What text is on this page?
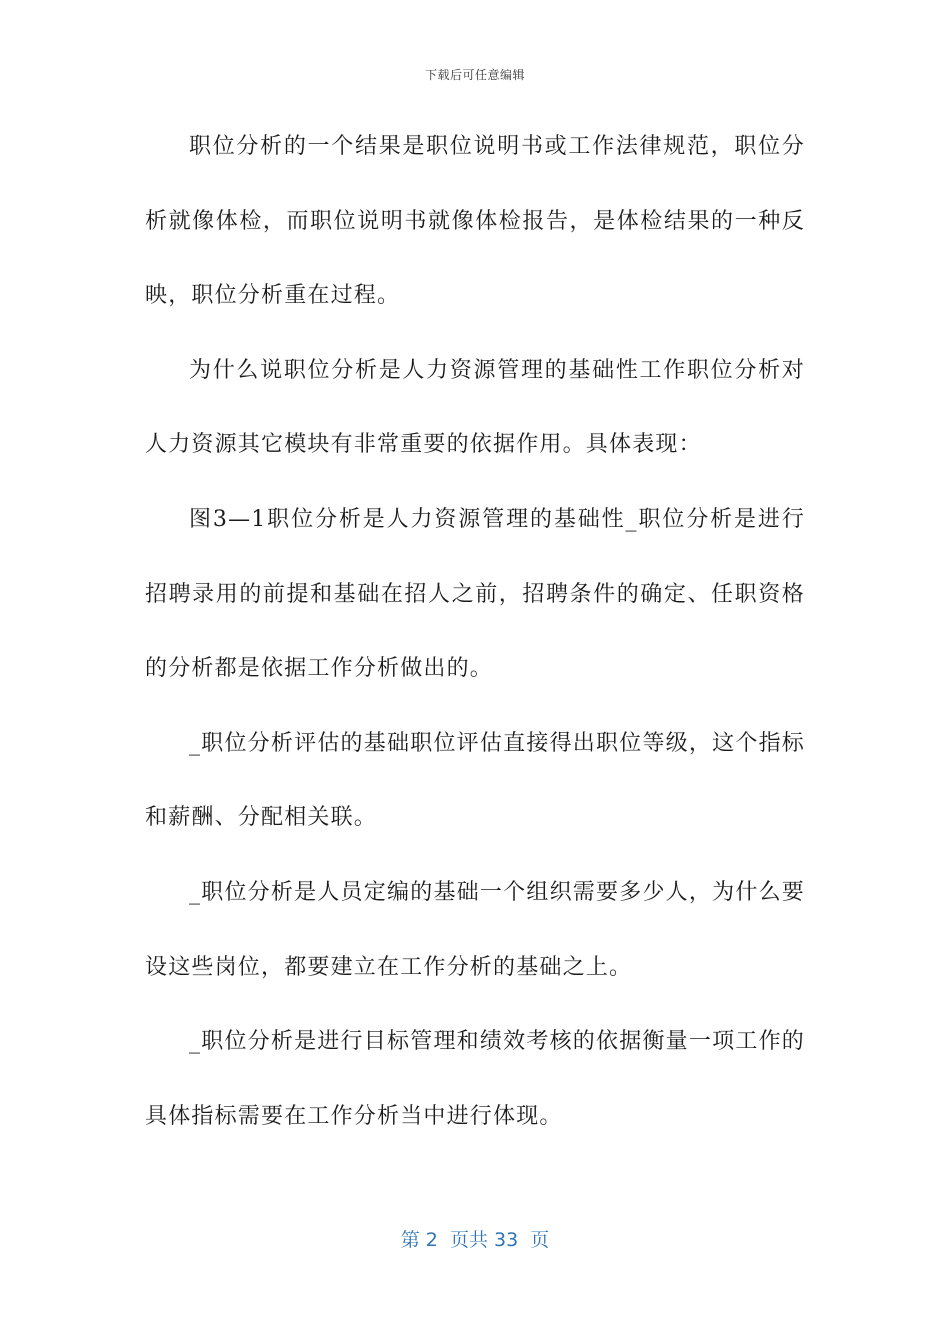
下载后可任意编辑

职位分析的一个结果是职位说明书或工作法律规范，职位分析就像体检，而职位说明书就像体检报告，是体检结果的一种反映，职位分析重在过程。

为什么说职位分析是人力资源管理的基础性工作职位分析对人力资源其它模块有非常重要的依据作用。具体表现：

图3—1职位分析是人力资源管理的基础性_职位分析是进行招聘录用的前提和基础在招人之前，招聘条件的确定、任职资格的分析都是依据工作分析做出的。

_职位分析评估的基础职位评估直接得出职位等级，这个指标和薪酬、分配相关联。

_职位分析是人员定编的基础一个组织需要多少人，为什么要设这些岗位，都要建立在工作分析的基础之上。

_职位分析是进行目标管理和绩效考核的依据衡量一项工作的具体指标需要在工作分析当中进行体现。

第 2  页共 33  页
